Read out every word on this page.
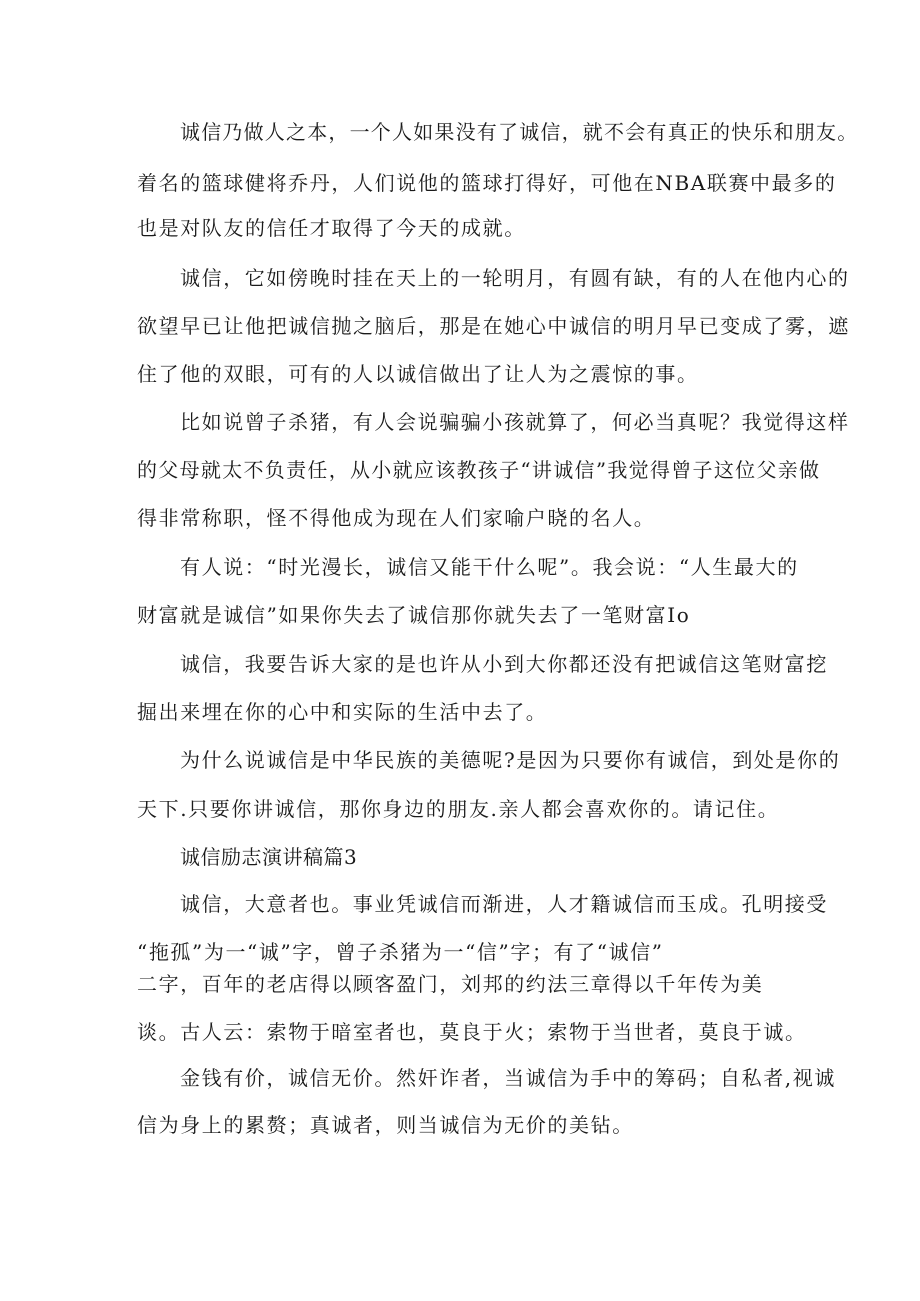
诚信乃做人之本，一个人如果没有了诚信，就不会有真正的快乐和朋友。
着名的篮球健将乔丹，人们说他的篮球打得好，可他在NBA联赛中最多的
也是对队友的信任才取得了今天的成就。
诚信，它如傍晚时挂在天上的一轮明月，有圆有缺，有的人在他内心的
欲望早已让他把诚信抛之脑后，那是在她心中诚信的明月早已变成了雾，遮
住了他的双眼，可有的人以诚信做出了让人为之震惊的事。
比如说曾子杀猪，有人会说骗骗小孩就算了，何必当真呢？我觉得这样
的父母就太不负责任，从小就应该教孩子“讲诚信”我觉得曾子这位父亲做
得非常称职，怪不得他成为现在人们家喻户晓的名人。
有人说：“时光漫长，诚信又能干什么呢”。我会说：“人生最大的
财富就是诚信”如果你失去了诚信那你就失去了一笔财富Io
诚信，我要告诉大家的是也许从小到大你都还没有把诚信这笔财富挖
掘出来埋在你的心中和实际的生活中去了。
为什么说诚信是中华民族的美德呢?是因为只要你有诚信，到处是你的
天下.只要你讲诚信，那你身边的朋友.亲人都会喜欢你的。请记住。
诚信励志演讲稿篇3
诚信，大意者也。事业凭诚信而渐进，人才籍诚信而玉成。孔明接受
“拖孤”为一“诚”字，曾子杀猪为一“信”字；有了“诚信”
二字，百年的老店得以顾客盈门，刘邦的约法三章得以千年传为美
谈。古人云：索物于暗室者也，莫良于火；索物于当世者，莫良于诚。
金钱有价，诚信无价。然奸诈者，当诚信为手中的筹码；自私者,视诚
信为身上的累赘；真诚者，则当诚信为无价的美钻。
